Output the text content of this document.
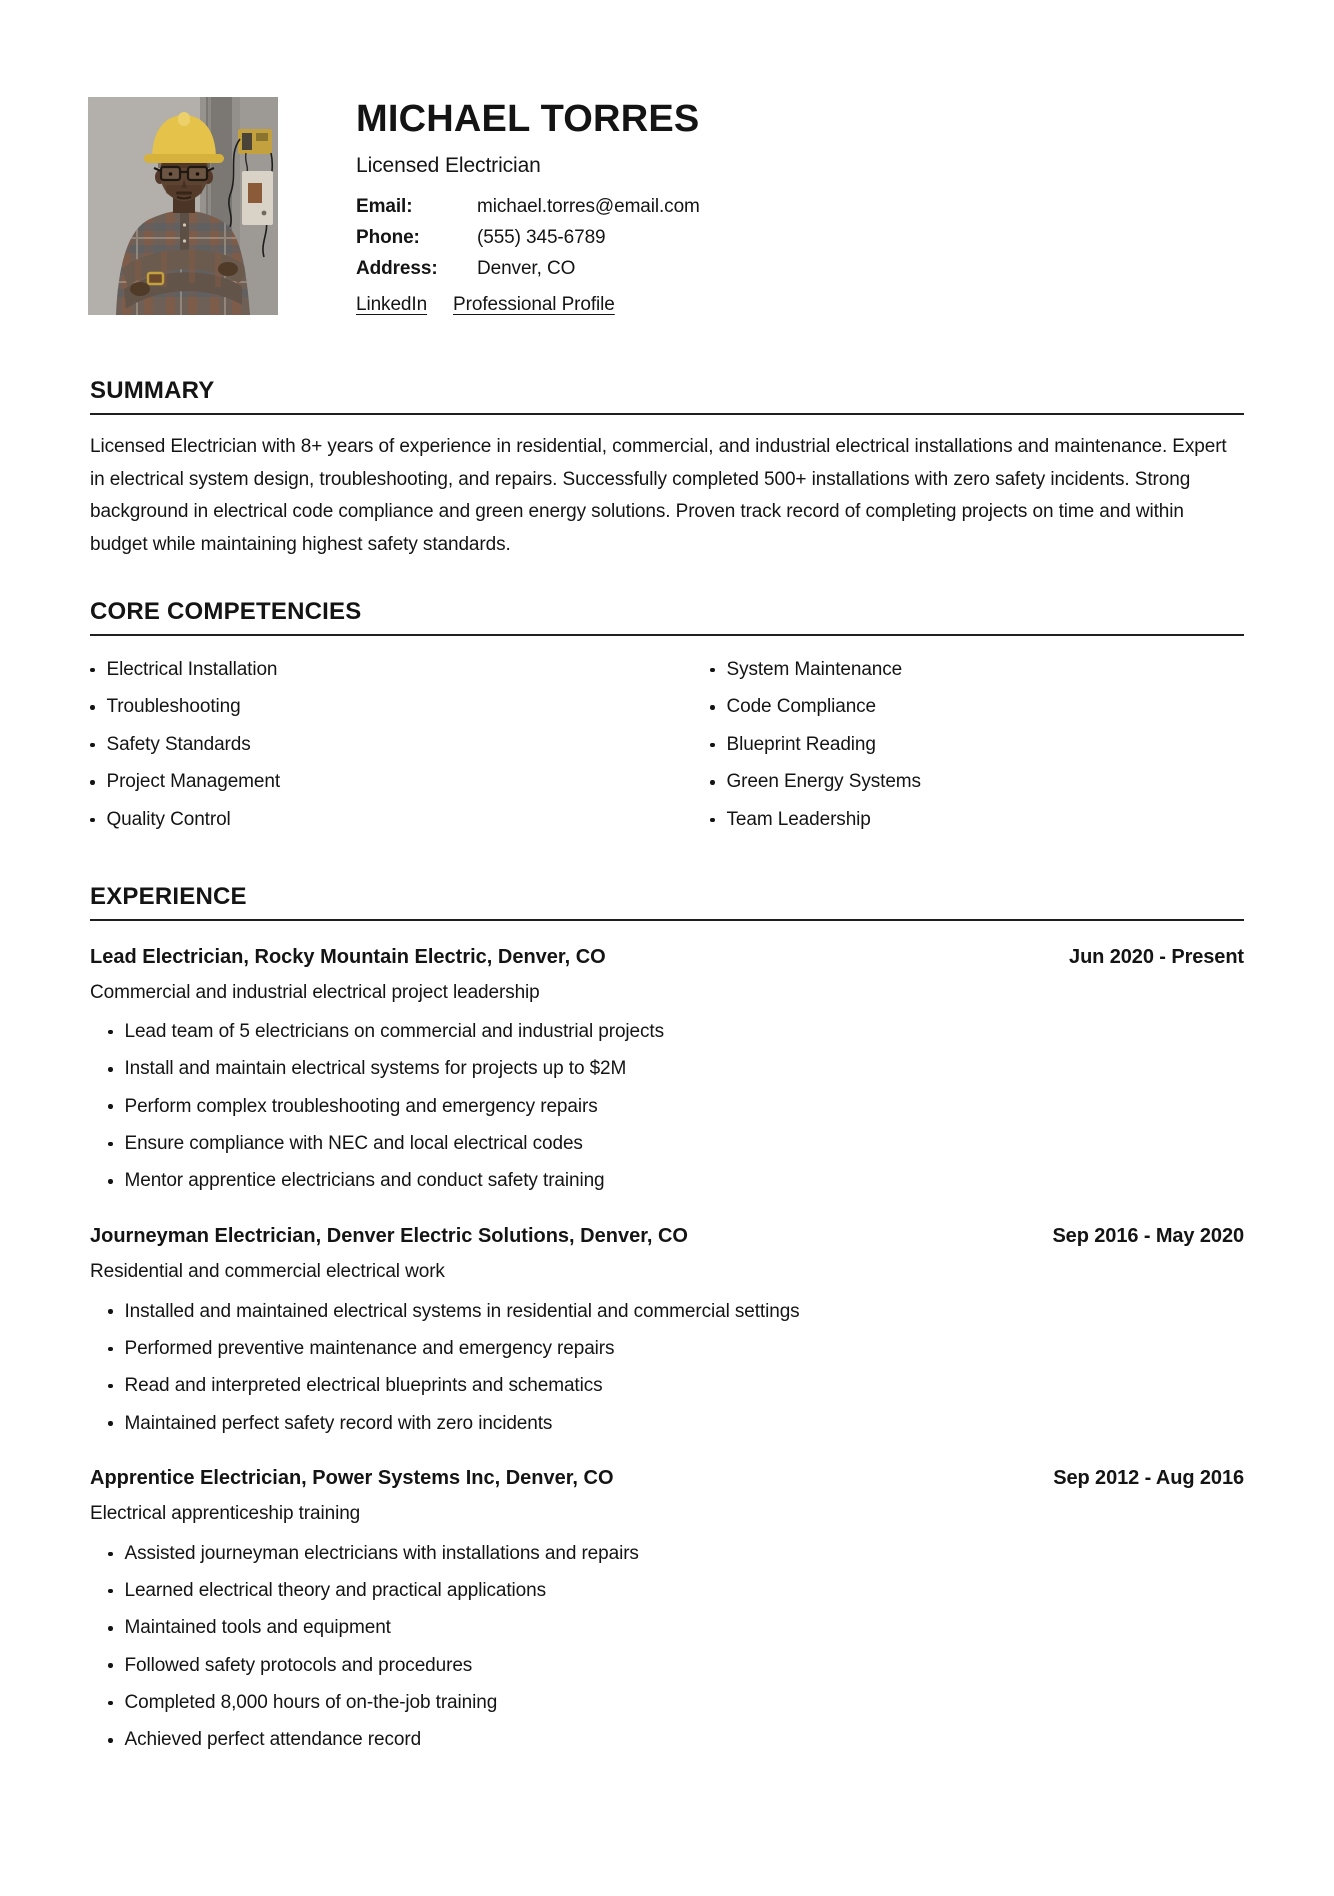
MICHAEL TORRES
Licensed Electrician
Email:	michael.torres@email.com
Phone:	(555) 345-6789
Address:	Denver, CO
LinkedIn Professional Profile
SUMMARY

Licensed Electrician with 8+ years of experience in residential, commercial, and industrial electrical installations and maintenance. Expert in electrical system design, troubleshooting, and repairs. Successfully completed 500+ installations with zero safety incidents. Strong background in electrical code compliance and green energy solutions. Proven track record of completing projects on time and within budget while maintaining highest safety standards.

CORE COMPETENCIES
Electrical Installation
Troubleshooting
Safety Standards
Project Management
Quality Control
System Maintenance
Code Compliance
Blueprint Reading
Green Energy Systems
Team Leadership
EXPERIENCE
Lead Electrician, Rocky Mountain Electric, Denver, CO	Jun 2020 - Present
Commercial and industrial electrical project leadership
Lead team of 5 electricians on commercial and industrial projects
Install and maintain electrical systems for projects up to $2M
Perform complex troubleshooting and emergency repairs
Ensure compliance with NEC and local electrical codes
Mentor apprentice electricians and conduct safety training
Journeyman Electrician, Denver Electric Solutions, Denver, CO	Sep 2016 - May 2020
Residential and commercial electrical work
Installed and maintained electrical systems in residential and commercial settings
Performed preventive maintenance and emergency repairs
Read and interpreted electrical blueprints and schematics
Maintained perfect safety record with zero incidents
Apprentice Electrician, Power Systems Inc, Denver, CO	Sep 2012 - Aug 2016
Electrical apprenticeship training
Assisted journeyman electricians with installations and repairs
Learned electrical theory and practical applications
Maintained tools and equipment
Followed safety protocols and procedures
Completed 8,000 hours of on-the-job training
Achieved perfect attendance record
